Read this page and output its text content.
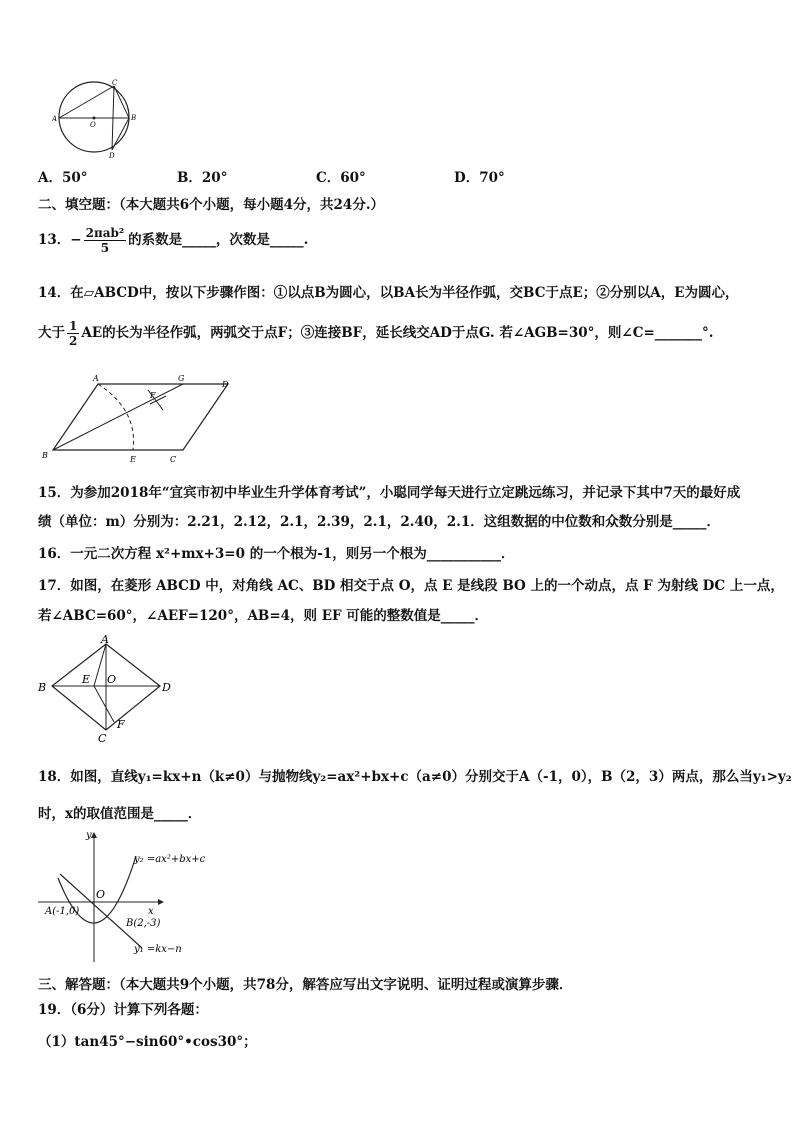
A
O
C
B
D
A．50°	B．20°	C．60°	D．70°
二、填空题：（本大题共6个小题，每小题4分，共24分.）
13．− $\frac{\text{2πab²}}{5}$ 的系数是_____，次数是_____.
14．在▱ABCD中，按以下步骤作图：①以点B为圆心，以BA长为半径作弧，交BC于点E；②分别以A，E为圆心，
大于 $\frac{1}{2}$ AE的长为半径作弧，两弧交于点F；③连接BF，延长线交AD于点G. 若∠AGB=30°，则∠C=_______°.
A	G
D
F
B	E	C
15．为参加2018年“宜宾市初中毕业生升学体育考试”，小聪同学每天进行立定跳远练习，并记录下其中7天的最好成
绩（单位：m）分别为：2.21，2.12，2.1，2.39，2.1，2.40，2.1．这组数据的中位数和众数分别是_____．
16．一元二次方程 x²+mx+3=0 的一个根为-1，则另一个根为___________．
17．如图，在菱形 ABCD 中，对角线 AC、BD 相交于点 O，点 E 是线段 BO 上的一个动点，点 F 为射线 DC 上一点，
若∠ABC=60°，∠AEF=120°，AB=4，则 EF 可能的整数值是_____．
A
B
E O
D
F
C
18．如图，直线y₁=kx+n（k≠0）与抛物线y₂=ax²+bx+c（a≠0）分别交于A（-1，0），B（2，3）两点，那么当y₁>y₂
时，x的取值范围是_____．
y
x
O
A(-1,0)
B(2,-3)
y₂ =ax²+bx+c
y₁ =kx−n
三、解答题：（本大题共9个小题，共78分，解答应写出文字说明、证明过程或演算步骤．
19．（6分）计算下列各题：
（1）tan45°−sin60°•cos30°；
